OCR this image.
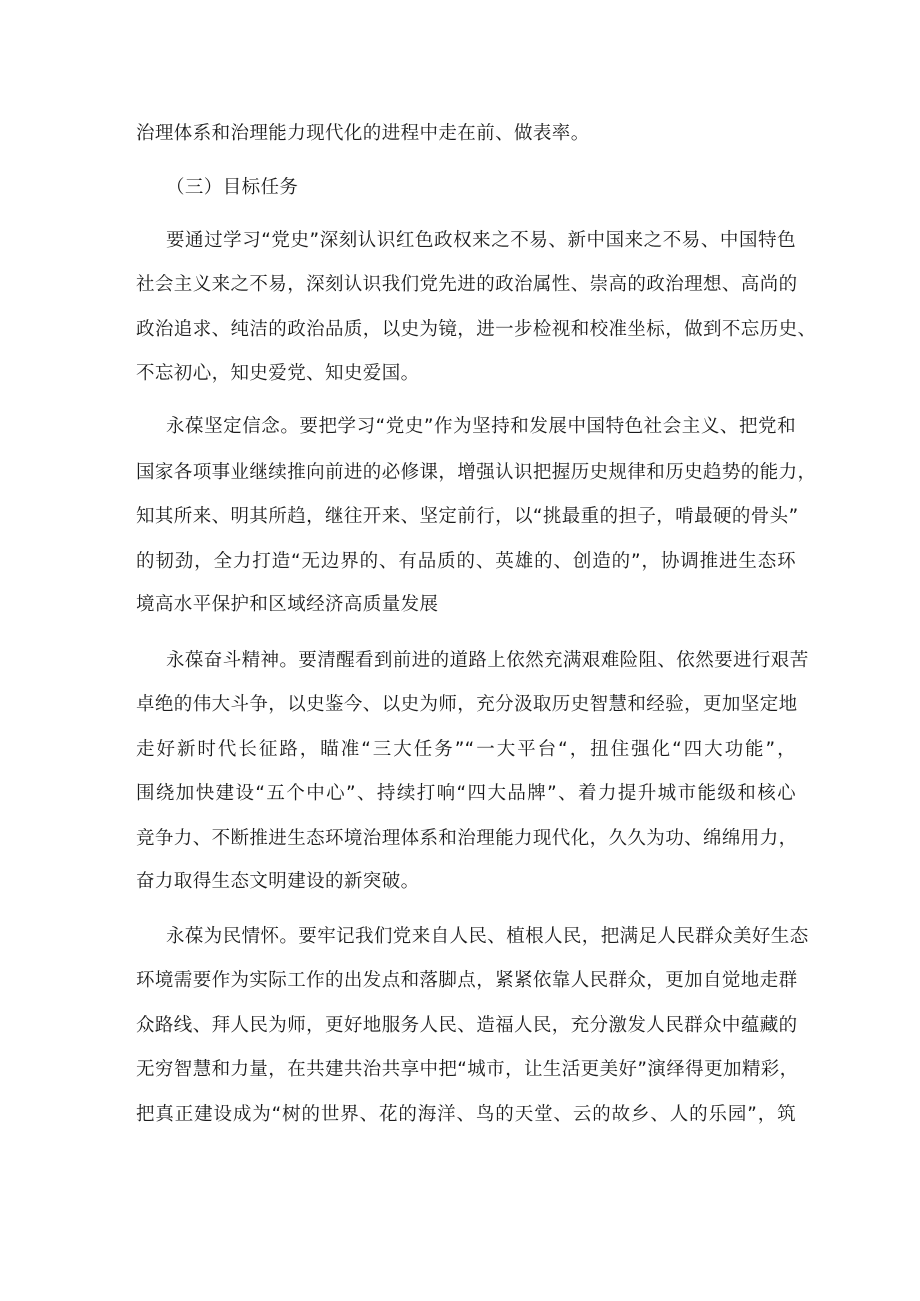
治理体系和治理能力现代化的进程中走在前、做表率。
（三）目标任务
要通过学习“党史”深刻认识红色政权来之不易、新中国来之不易、中国特色
社会主义来之不易，深刻认识我们党先进的政治属性、崇高的政治理想、高尚的
政治追求、纯洁的政治品质，以史为镜，进一步检视和校准坐标，做到不忘历史、
不忘初心，知史爱党、知史爱国。
永葆坚定信念。要把学习“党史”作为坚持和发展中国特色社会主义、把党和
国家各项事业继续推向前进的必修课，增强认识把握历史规律和历史趋势的能力，
知其所来、明其所趋，继往开来、坚定前行，以“挑最重的担子，啃最硬的骨头”
的韧劲，全力打造“无边界的、有品质的、英雄的、创造的”，协调推进生态环
境高水平保护和区域经济高质量发展
永葆奋斗精神。要清醒看到前进的道路上依然充满艰难险阻、依然要进行艰苦
卓绝的伟大斗争，以史鉴今、以史为师，充分汲取历史智慧和经验，更加坚定地
走好新时代长征路，瞄准“三大任务”“一大平台“，扭住强化“四大功能”，
围绕加快建设“五个中心”、持续打响“四大品牌”、着力提升城市能级和核心
竞争力、不断推进生态环境治理体系和治理能力现代化，久久为功、绵绵用力，
奋力取得生态文明建设的新突破。
永葆为民情怀。要牢记我们党来自人民、植根人民，把满足人民群众美好生态
环境需要作为实际工作的出发点和落脚点，紧紧依靠人民群众，更加自觉地走群
众路线、拜人民为师，更好地服务人民、造福人民，充分激发人民群众中蕴藏的
无穷智慧和力量，在共建共治共享中把“城市，让生活更美好”演绎得更加精彩，
把真正建设成为“树的世界、花的海洋、鸟的天堂、云的故乡、人的乐园”，筑
